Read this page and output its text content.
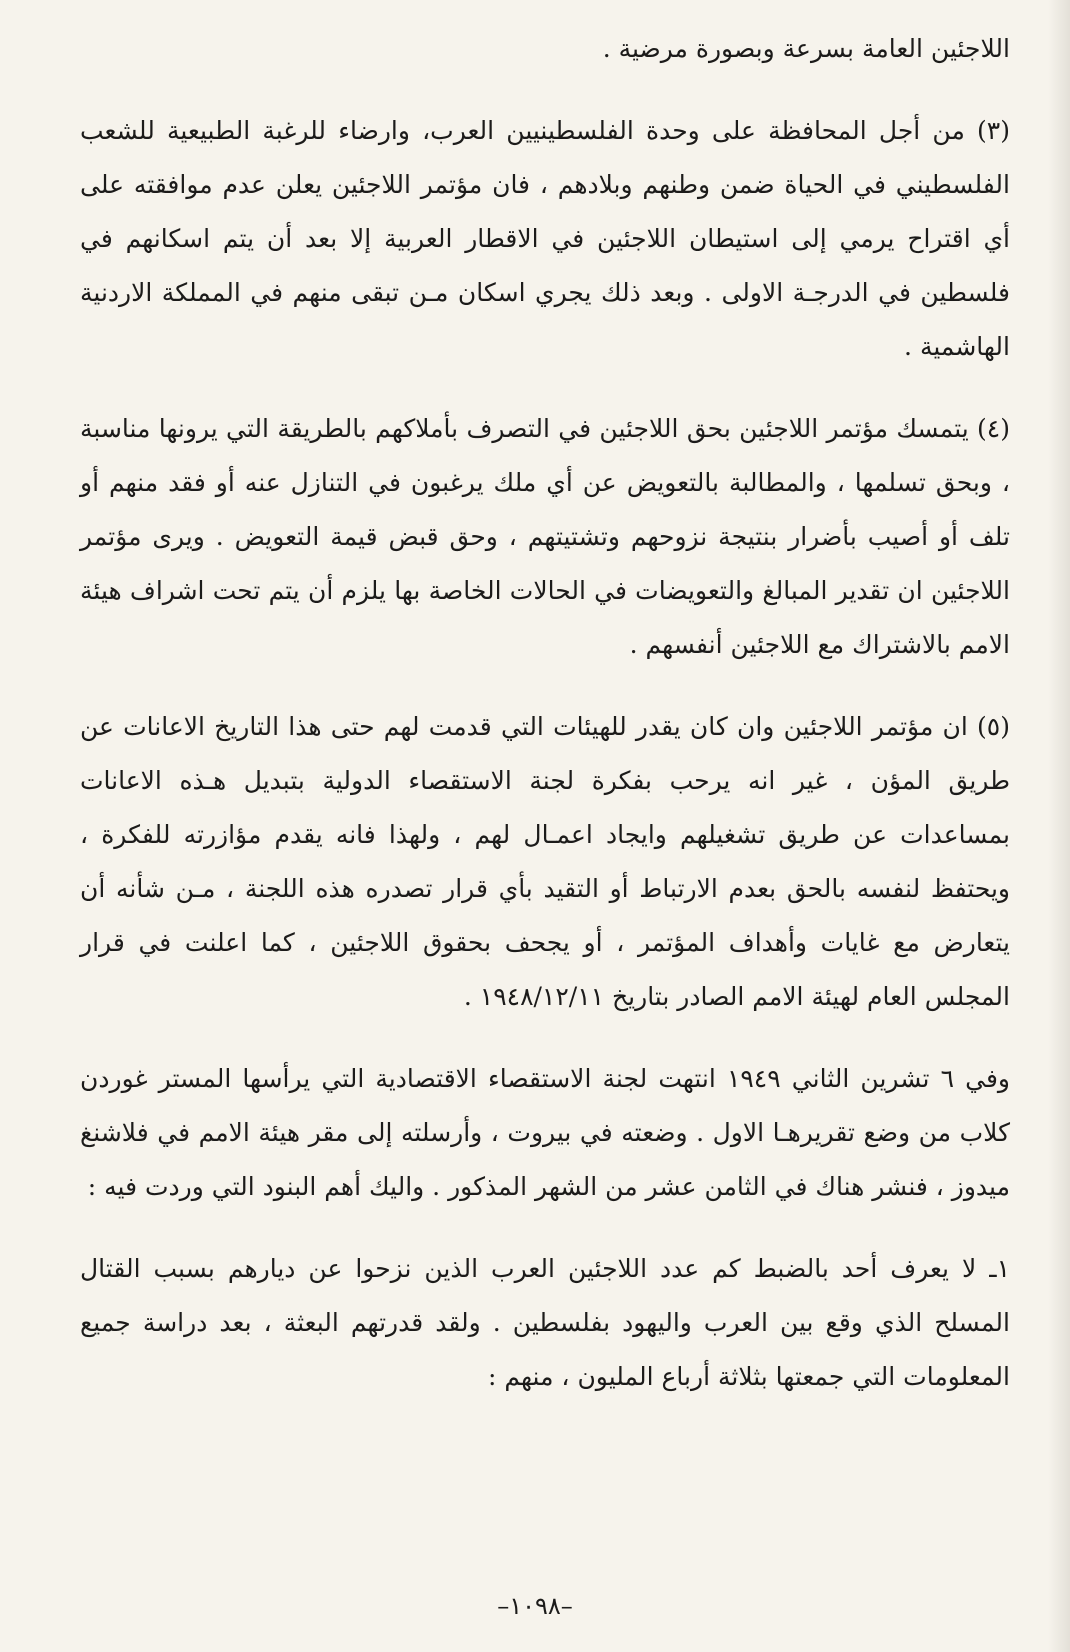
اللاجئين العامة بسرعة وبصورة مرضية .

(٣) من أجل المحافظة على وحدة الفلسطينيين العرب، وارضاء للرغبة الطبيعية للشعب الفلسطيني في الحياة ضمن وطنهم وبلادهم ، فان مؤتمر اللاجئين يعلن عدم موافقته على أي اقتراح يرمي إلى استيطان اللاجئين في الاقطار العربية إلا بعد أن يتم اسكانهم في فلسطين في الدرجـة الاولى . وبعد ذلك يجري اسكان مـن تبقى منهم في المملكة الاردنية الهاشمية .

(٤) يتمسك مؤتمر اللاجئين بحق اللاجئين في التصرف بأملاكهم بالطريقة التي يرونها مناسبة ، وبحق تسلمها ، والمطالبة بالتعويض عن أي ملك يرغبون في التنازل عنه أو فقد منهم أو تلف أو أصيب بأضرار بنتيجة نزوحهم وتشتيتهم ، وحق قبض قيمة التعويض . ويرى مؤتمر اللاجئين ان تقدير المبالغ والتعويضات في الحالات الخاصة بها يلزم أن يتم تحت اشراف هيئة الامم بالاشتراك مع اللاجئين أنفسهم .

(٥) ان مؤتمر اللاجئين وان كان يقدر للهيئات التي قدمت لهم حتى هذا التاريخ الاعانات عن طريق المؤن ، غير انه يرحب بفكرة لجنة الاستقصاء الدولية بتبديل هـذه الاعانات بمساعدات عن طريق تشغيلهم وايجاد اعمـال لهم ، ولهذا فانه يقدم مؤازرته للفكرة ، ويحتفظ لنفسه بالحق بعدم الارتباط أو التقيد بأي قرار تصدره هذه اللجنة ، مـن شأنه أن يتعارض مع غايات وأهداف المؤتمر ، أو يجحف بحقوق اللاجئين ، كما اعلنت في قرار المجلس العام لهيئة الامم الصادر بتاريخ ١٩٤٨/١٢/١١ .

وفي ٦ تشرين الثاني ١٩٤٩ انتهت لجنة الاستقصاء الاقتصادية التي يرأسها المستر غوردن كلاب من وضع تقريرهـا الاول . وضعته في بيروت ، وأرسلته إلى مقر هيئة الامم في فلاشنغ ميدوز ، فنشر هناك في الثامن عشر من الشهر المذكور . واليك أهم البنود التي وردت فيه :

١ـ لا يعرف أحد بالضبط كم عدد اللاجئين العرب الذين نزحوا عن ديارهم بسبب القتال المسلح الذي وقع بين العرب واليهود بفلسطين . ولقد قدرتهم البعثة ، بعد دراسة جميع المعلومات التي جمعتها بثلاثة أرباع المليون ، منهم :

–١٠٩٨–
